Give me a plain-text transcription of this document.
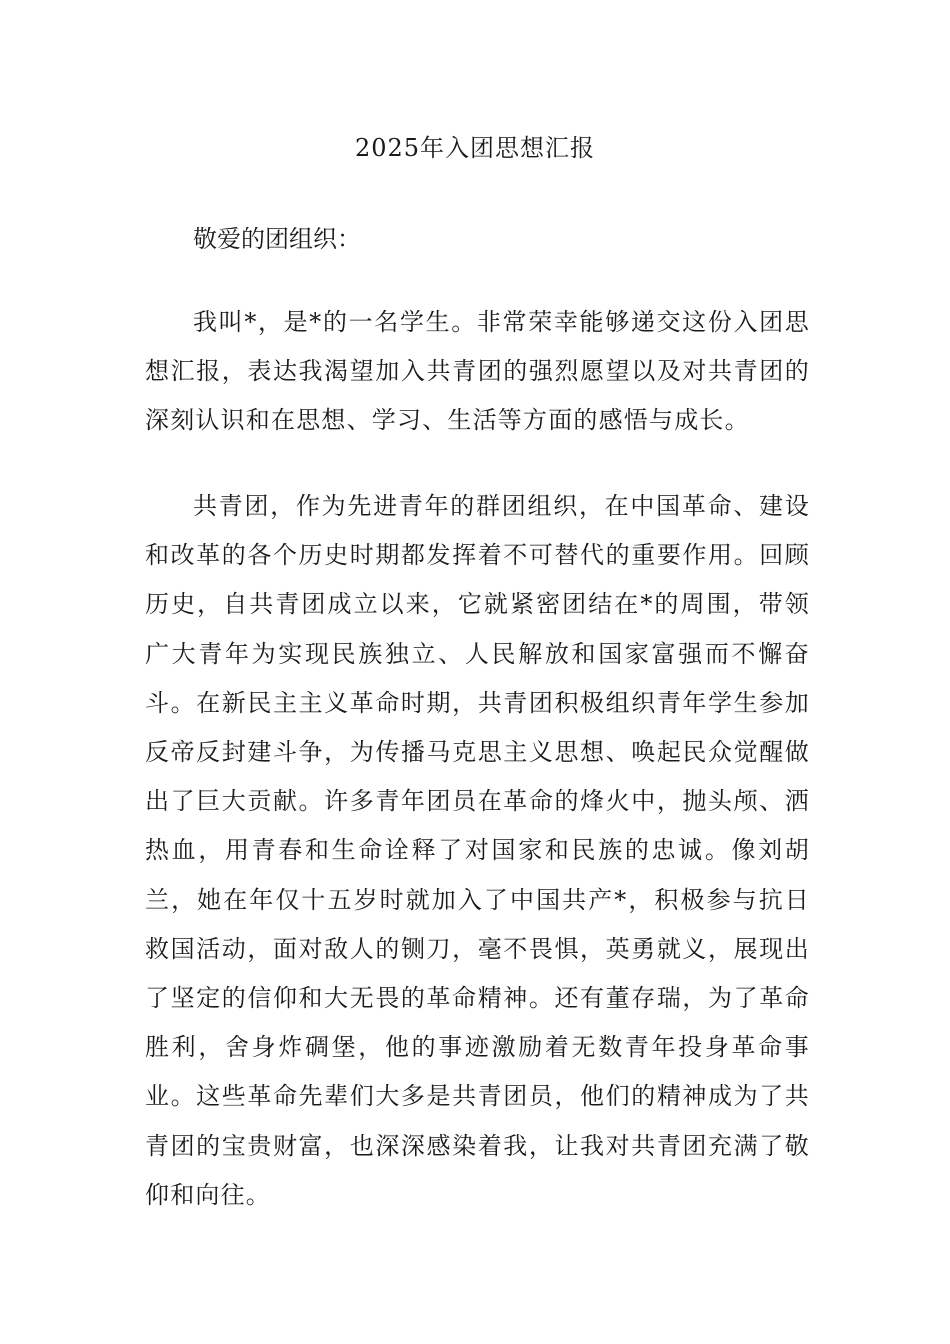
2025年入团思想汇报

敬爱的团组织：

我叫*，是*的一名学生。非常荣幸能够递交这份入团思想汇报，表达我渴望加入共青团的强烈愿望以及对共青团的深刻认识和在思想、学习、生活等方面的感悟与成长。

共青团，作为先进青年的群团组织，在中国革命、建设和改革的各个历史时期都发挥着不可替代的重要作用。回顾历史，自共青团成立以来，它就紧密团结在*的周围，带领广大青年为实现民族独立、人民解放和国家富强而不懈奋斗。在新民主主义革命时期，共青团积极组织青年学生参加反帝反封建斗争，为传播马克思主义思想、唤起民众觉醒做出了巨大贡献。许多青年团员在革命的烽火中，抛头颅、洒热血，用青春和生命诠释了对国家和民族的忠诚。像刘胡兰，她在年仅十五岁时就加入了中国共产*，积极参与抗日救国活动，面对敌人的铡刀，毫不畏惧，英勇就义，展现出了坚定的信仰和大无畏的革命精神。还有董存瑞，为了革命胜利，舍身炸碉堡，他的事迹激励着无数青年投身革命事业。这些革命先辈们大多是共青团员，他们的精神成为了共青团的宝贵财富，也深深感染着我，让我对共青团充满了敬仰和向往。
